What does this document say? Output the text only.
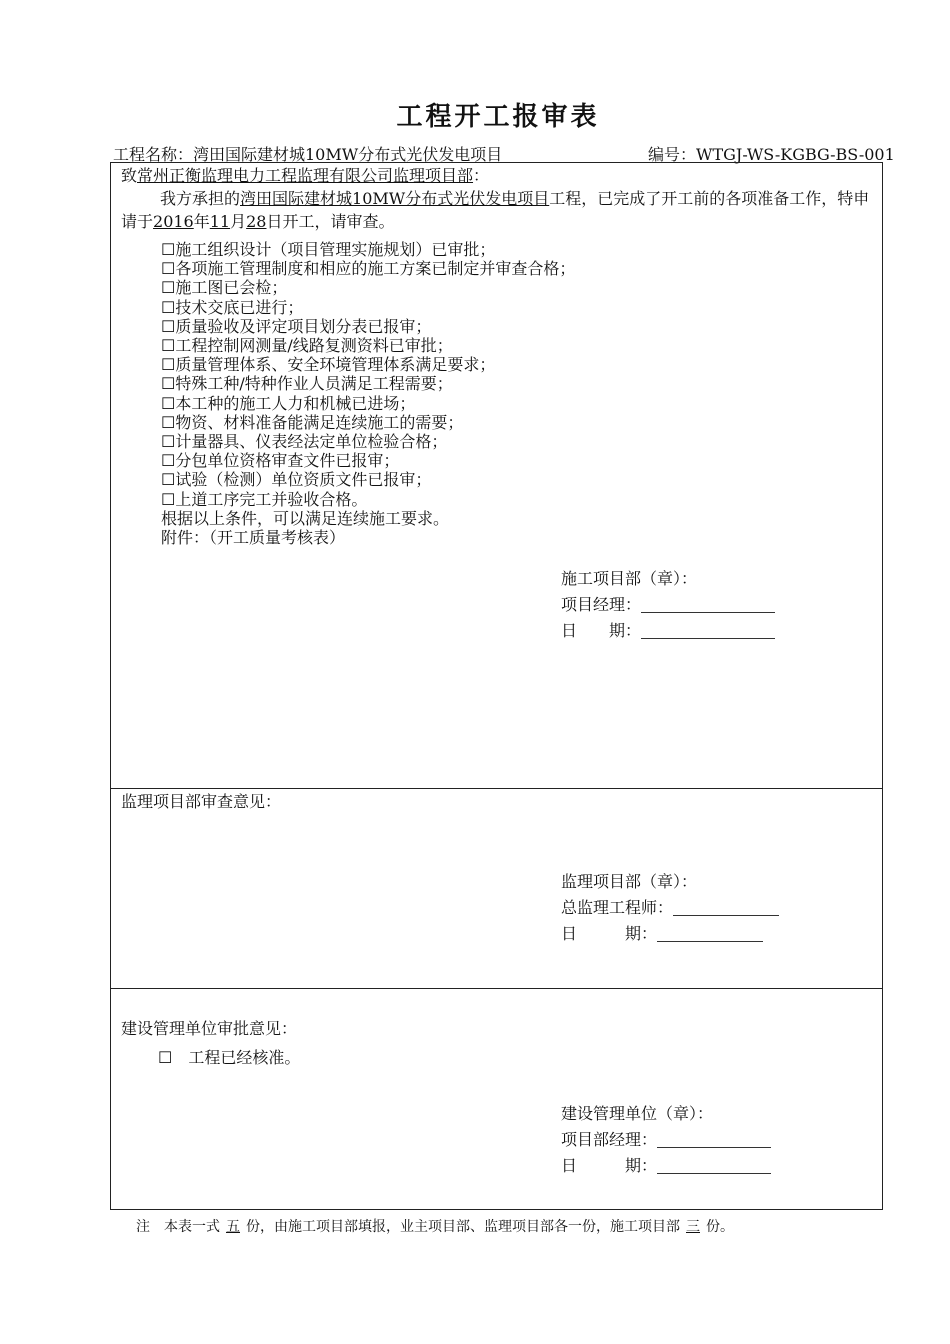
工程开工报审表
工程名称：湾田国际建材城10MW分布式光伏发电项目	编号：WTGJ-WS-KGBG-BS-001
致常州正衡监理电力工程监理有限公司监理项目部：
我方承担的湾田国际建材城10MW分布式光伏发电项目工程，已完成了开工前的各项准备工作，特申请于2016年11月28日开工，请审查。
☐施工组织设计（项目管理实施规划）已审批；
☐各项施工管理制度和相应的施工方案已制定并审查合格；
☐施工图已会检；
☐技术交底已进行；
☐质量验收及评定项目划分表已报审；
☐工程控制网测量/线路复测资料已审批；
☐质量管理体系、安全环境管理体系满足要求；
☐特殊工种/特种作业人员满足工程需要；
☐本工种的施工人力和机械已进场；
☐物资、材料准备能满足连续施工的需要；
☐计量器具、仪表经法定单位检验合格；
☐分包单位资格审查文件已报审；
☐试验（检测）单位资质文件已报审；
☐上道工序完工并验收合格。
根据以上条件，可以满足连续施工要求。
附件：（开工质量考核表）
施工项目部（章）：
项目经理：
日　　期：
监理项目部审查意见：
监理项目部（章）：
总监理工程师：
日　　　期：
建设管理单位审批意见：
☐　工程已经核准。
建设管理单位（章）：
项目部经理：
日　　　期：
注　本表一式 五 份，由施工项目部填报，业主项目部、监理项目部各一份，施工项目部 三 份。
